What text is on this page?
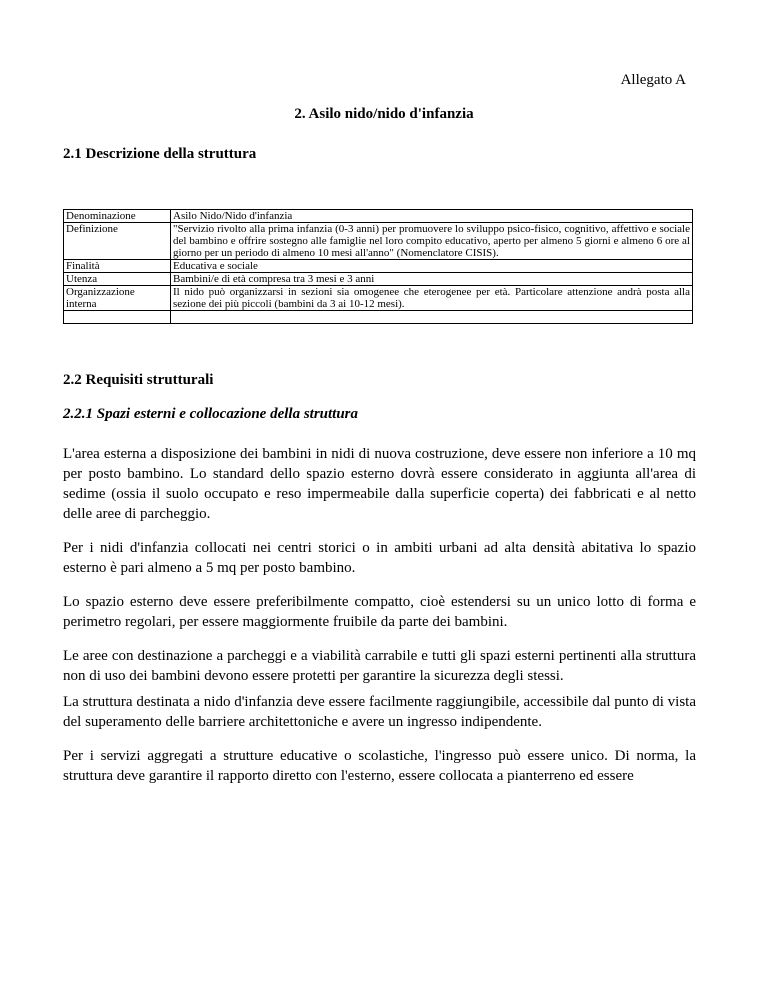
Allegato A
2. Asilo nido/nido d'infanzia
2.1 Descrizione della struttura
Denominazione	Asilo Nido/Nido d'infanzia
Definizione	"Servizio rivolto alla prima infanzia (0-3 anni) per promuovere lo sviluppo psico-fisico, cognitivo, affettivo e sociale del bambino e offrire sostegno alle famiglie nel loro compito educativo, aperto per almeno 5 giorni e almeno 6 ore al giorno per un periodo di almeno 10 mesi all'anno" (Nomenclatore CISIS).
Finalità	Educativa e sociale
Utenza	Bambini/e di età compresa tra 3 mesi e 3 anni
Organizzazione interna	Il nido può organizzarsi in sezioni sia omogenee che eterogenee per età. Particolare attenzione andrà posta alla sezione dei più piccoli (bambini da 3 ai 10-12 mesi).

2.2 Requisiti strutturali
2.2.1 Spazi esterni e collocazione della struttura

L'area esterna a disposizione dei bambini in nidi di nuova costruzione, deve essere non inferiore a 10 mq per posto bambino. Lo standard dello spazio esterno dovrà essere considerato in aggiunta all'area di sedime (ossia il suolo occupato e reso impermeabile dalla superficie coperta) dei fabbricati e al netto delle aree di parcheggio.

Per i nidi d'infanzia collocati nei centri storici o in ambiti urbani ad alta densità abitativa lo spazio esterno è pari almeno a 5 mq per posto bambino.

Lo spazio esterno deve essere preferibilmente compatto, cioè estendersi su un unico lotto di forma e perimetro regolari, per essere maggiormente fruibile da parte dei bambini.

Le aree con destinazione a parcheggi e a viabilità carrabile e tutti gli spazi esterni pertinenti alla struttura non di uso dei bambini devono essere protetti per garantire la sicurezza degli stessi.

La struttura destinata a nido d'infanzia deve essere facilmente raggiungibile, accessibile dal punto di vista del superamento delle barriere architettoniche e avere un ingresso indipendente.

Per i servizi aggregati a strutture educative o scolastiche, l'ingresso può essere unico. Di norma, la struttura deve garantire il rapporto diretto con l'esterno, essere collocata a pianterreno ed essere
